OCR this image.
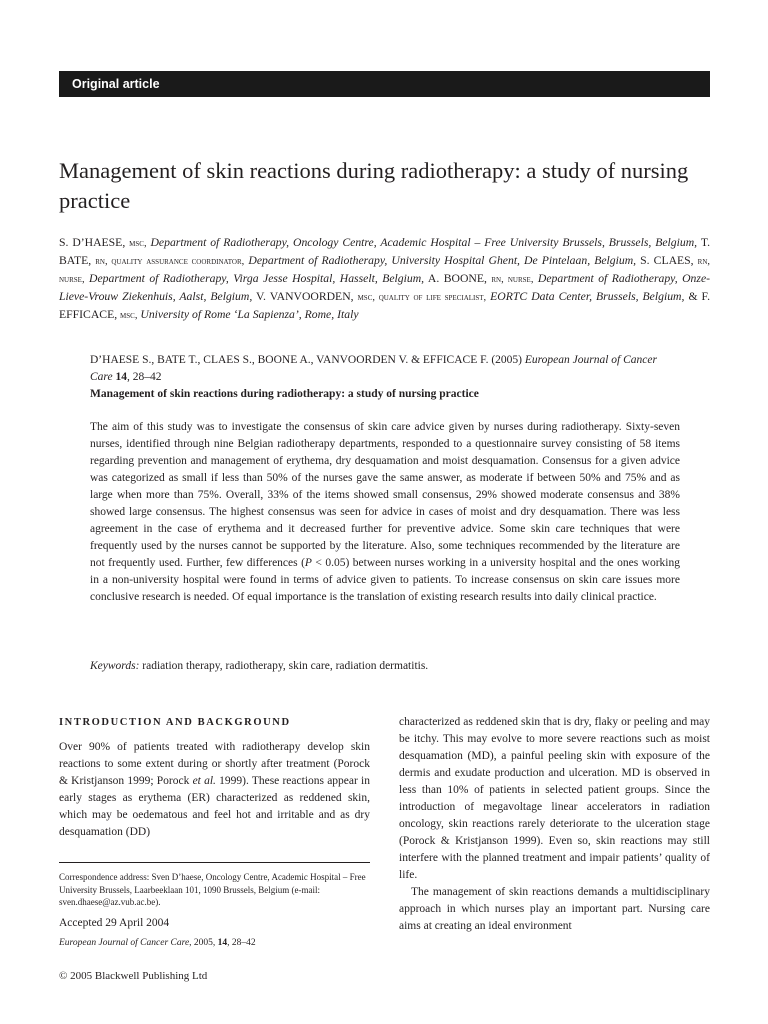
Original article
Management of skin reactions during radiotherapy: a study of nursing practice
S. D’HAESE, msc, Department of Radiotherapy, Oncology Centre, Academic Hospital – Free University Brussels, Brussels, Belgium, T. BATE, rn, quality assurance coordinator, Department of Radiotherapy, University Hospital Ghent, De Pintelaan, Belgium, S. CLAES, rn, nurse, Department of Radiotherapy, Virga Jesse Hospital, Hasselt, Belgium, A. BOONE, rn, nurse, Department of Radiotherapy, Onze-Lieve-Vrouw Ziekenhuis, Aalst, Belgium, V. VANVOORDEN, msc, quality of life specialist, EORTC Data Center, Brussels, Belgium, & F. EFFICACE, msc, University of Rome ‘La Sapienza’, Rome, Italy
D’HAESE S., BATE T., CLAES S., BOONE A., VANVOORDEN V. & EFFICACE F. (2005) European Journal of Cancer Care 14, 28–42
Management of skin reactions during radiotherapy: a study of nursing practice

The aim of this study was to investigate the consensus of skin care advice given by nurses during radiotherapy. Sixty-seven nurses, identified through nine Belgian radiotherapy departments, responded to a questionnaire survey consisting of 58 items regarding prevention and management of erythema, dry desquamation and moist desquamation. Consensus for a given advice was categorized as small if less than 50% of the nurses gave the same answer, as moderate if between 50% and 75% and as large when more than 75%. Overall, 33% of the items showed small consensus, 29% showed moderate consensus and 38% showed large consensus. The highest consensus was seen for advice in cases of moist and dry desquamation. There was less agreement in the case of erythema and it decreased further for preventive advice. Some skin care techniques that were frequently used by the nurses cannot be supported by the literature. Also, some techniques recommended by the literature are not frequently used. Further, few differences (P < 0.05) between nurses working in a university hospital and the ones working in a non-university hospital were found in terms of advice given to patients. To increase consensus on skin care issues more conclusive research is needed. Of equal importance is the translation of existing research results into daily clinical practice.

Keywords: radiation therapy, radiotherapy, skin care, radiation dermatitis.
INTRODUCTION AND BACKGROUND

Over 90% of patients treated with radiotherapy develop skin reactions to some extent during or shortly after treatment (Porock & Kristjanson 1999; Porock et al. 1999). These reactions appear in early stages as erythema (ER) characterized as reddened skin, which may be oedematous and feel hot and irritable and as dry desquamation (DD)

characterized as reddened skin that is dry, flaky or peeling and may be itchy. This may evolve to more severe reactions such as moist desquamation (MD), a painful peeling skin with exposure of the dermis and exudate production and ulceration. MD is observed in less than 10% of patients in selected patient groups. Since the introduction of megavoltage linear accelerators in radiation oncology, skin reactions rarely deteriorate to the ulceration stage (Porock & Kristjanson 1999). Even so, skin reactions may still interfere with the planned treatment and impair patients’ quality of life.

The management of skin reactions demands a multidisciplinary approach in which nurses play an important part. Nursing care aims at creating an ideal environment

Correspondence address: Sven D’haese, Oncology Centre, Academic Hospital – Free University Brussels, Laarbeeklaan 101, 1090 Brussels, Belgium (e-mail: sven.dhaese@az.vub.ac.be).
Accepted 29 April 2004
European Journal of Cancer Care, 2005, 14, 28–42
© 2005 Blackwell Publishing Ltd
